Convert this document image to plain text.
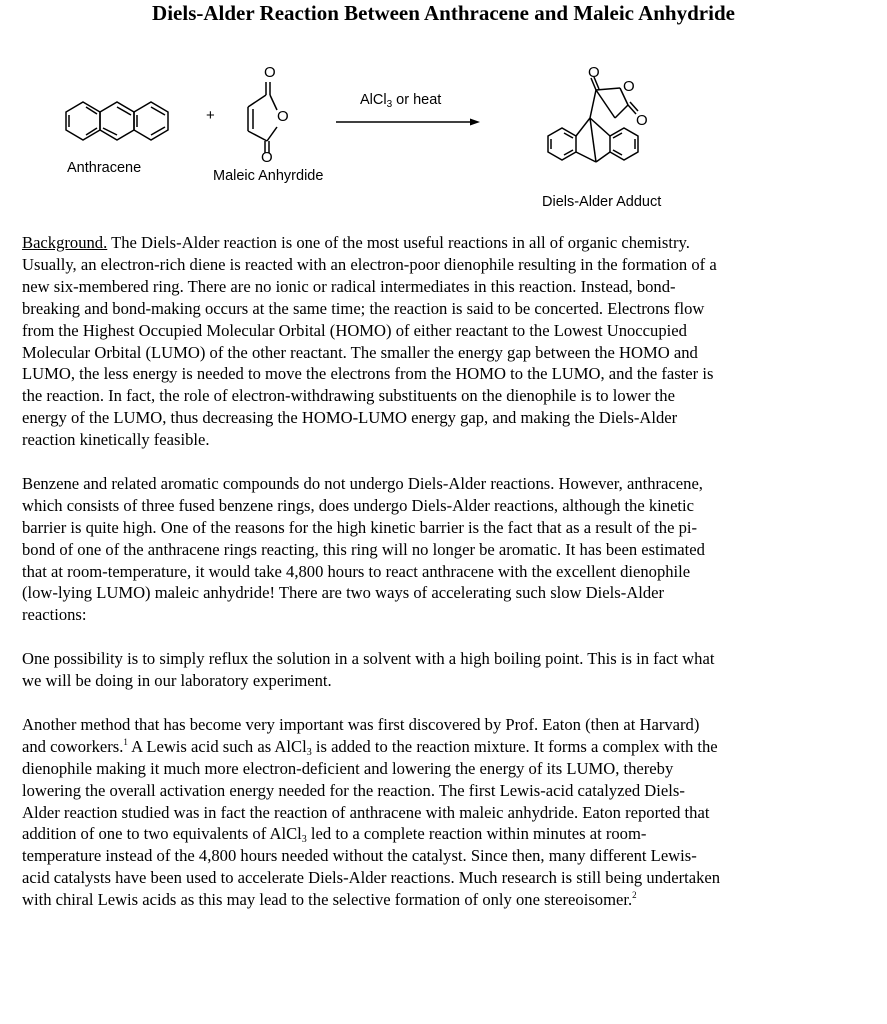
Diels-Alder Reaction Between Anthracene and Maleic Anhydride
O
O
O
O
O
O
+
AlCl$_3$ or heat
Anthracene	Maleic Anhyrdide
Diels-Alder Adduct

Background. The Diels-Alder reaction is one of the most useful reactions in all of organic chemistry. Usually, an electron-rich diene is reacted with an electron-poor dienophile resulting in the formation of a new six-membered ring. There are no ionic or radical intermediates in this reaction. Instead, bond-breaking and bond-making occurs at the same time; the reaction is said to be concerted. Electrons flow from the Highest Occupied Molecular Orbital (HOMO) of either reactant to the Lowest Unoccupied Molecular Orbital (LUMO) of the other reactant. The smaller the energy gap between the HOMO and LUMO, the less energy is needed to move the electrons from the HOMO to the LUMO, and the faster is the reaction. In fact, the role of electron-withdrawing substituents on the dienophile is to lower the energy of the LUMO, thus decreasing the HOMO-LUMO energy gap, and making the Diels-Alder reaction kinetically feasible.

Benzene and related aromatic compounds do not undergo Diels-Alder reactions. However, anthracene, which consists of three fused benzene rings, does undergo Diels-Alder reactions, although the kinetic barrier is quite high. One of the reasons for the high kinetic barrier is the fact that as a result of the pi-bond of one of the anthracene rings reacting, this ring will no longer be aromatic. It has been estimated that at room-temperature, it would take 4,800 hours to react anthracene with the excellent dienophile (low-lying LUMO) maleic anhydride! There are two ways of accelerating such slow Diels-Alder reactions:

One possibility is to simply reflux the solution in a solvent with a high boiling point. This is in fact what we will be doing in our laboratory experiment.

Another method that has become very important was first discovered by Prof. Eaton (then at Harvard) and coworkers.$^1$ A Lewis acid such as AlCl$_3$ is added to the reaction mixture. It forms a complex with the dienophile making it much more electron-deficient and lowering the energy of its LUMO, thereby lowering the overall activation energy needed for the reaction. The first Lewis-acid catalyzed Diels-Alder reaction studied was in fact the reaction of anthracene with maleic anhydride. Eaton reported that addition of one to two equivalents of AlCl$_3$ led to a complete reaction within minutes at room-temperature instead of the 4,800 hours needed without the catalyst. Since then, many different Lewis-acid catalysts have been used to accelerate Diels-Alder reactions. Much research is still being undertaken with chiral Lewis acids as this may lead to the selective formation of only one stereoisomer.$^2$
